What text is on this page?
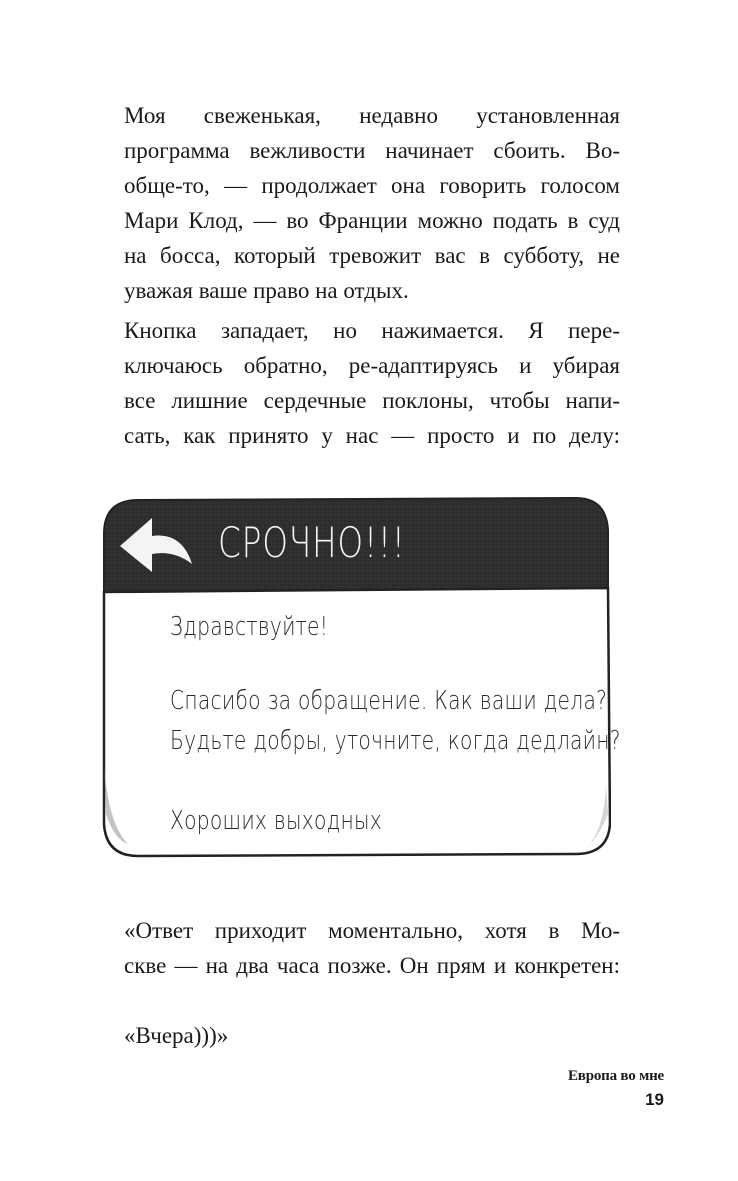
Моя свеженькая, недавно установленная
программа вежливости начинает сбоить. Во-
обще-то, — продолжает она говорить голосом
Мари Клод, — во Франции можно подать в суд
на босса, который тревожит вас в субботу, не
уважая ваше право на отдых.
Кнопка западает, но нажимается. Я пере-
ключаюсь обратно, ре-адаптируясь и убирая
все лишние сердечные поклоны, чтобы напи-
сать, как принято у нас — просто и по делу:
СРОЧНО!!!
Здравствуйте!
Спасибо за обращение. Как ваши дела?
Будьте добры, уточните, когда дедлайн?
Хороших выходных
«Ответ приходит моментально, хотя в Мо-
скве — на два часа позже. Он прям и конкретен:
«Вчера)))»
Европа во мне
19
